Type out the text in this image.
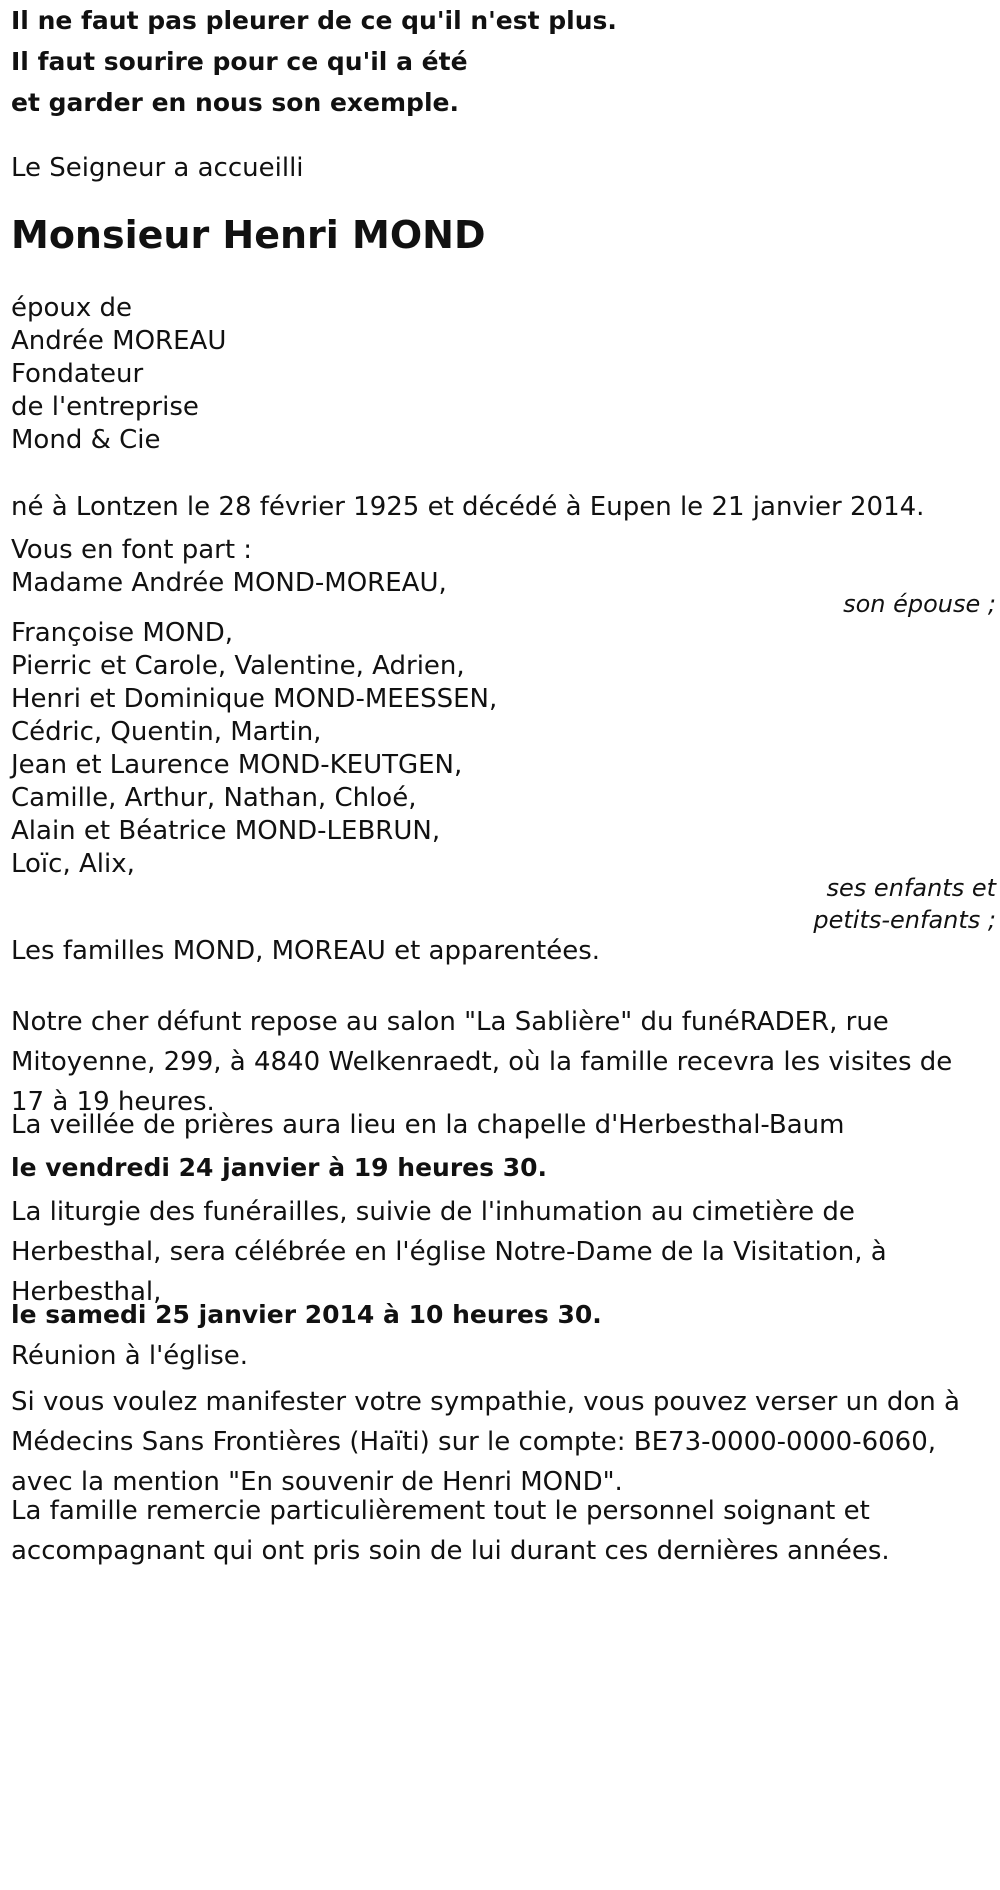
Il ne faut pas pleurer de ce qu'il n'est plus.
Il faut sourire pour ce qu'il a été
et garder en nous son exemple.
Le Seigneur a accueilli
Monsieur Henri MOND
époux de
Andrée MOREAU
Fondateur
de l'entreprise
Mond & Cie
né à Lontzen le 28 février 1925 et décédé à Eupen le 21 janvier 2014.
Vous en font part :
Madame Andrée MOND-MOREAU,
son épouse ;
Françoise MOND,
Pierric et Carole, Valentine, Adrien,
Henri et Dominique MOND-MEESSEN,
Cédric, Quentin, Martin,
Jean et Laurence MOND-KEUTGEN,
Camille, Arthur, Nathan, Chloé,
Alain et Béatrice MOND-LEBRUN,
Loïc, Alix,
ses enfants et
petits-enfants ;
Les familles MOND, MOREAU et apparentées.
Notre cher défunt repose au salon "La Sablière" du funéRADER, rue Mitoyenne, 299, à 4840 Welkenraedt, où la famille recevra les visites de 17 à 19 heures.
La veillée de prières aura lieu en la chapelle d'Herbesthal-Baum
le vendredi 24 janvier à 19 heures 30.
La liturgie des funérailles, suivie de l'inhumation au cimetière de Herbesthal, sera célébrée en l'église Notre-Dame de la Visitation, à Herbesthal,
le samedi 25 janvier 2014 à 10 heures 30.
Réunion à l'église.
Si vous voulez manifester votre sympathie, vous pouvez verser un don à Médecins Sans Frontières (Haïti) sur le compte: BE73-0000-0000-6060, avec la mention "En souvenir de Henri MOND".
La famille remercie particulièrement tout le personnel soignant et accompagnant qui ont pris soin de lui durant ces dernières années.
